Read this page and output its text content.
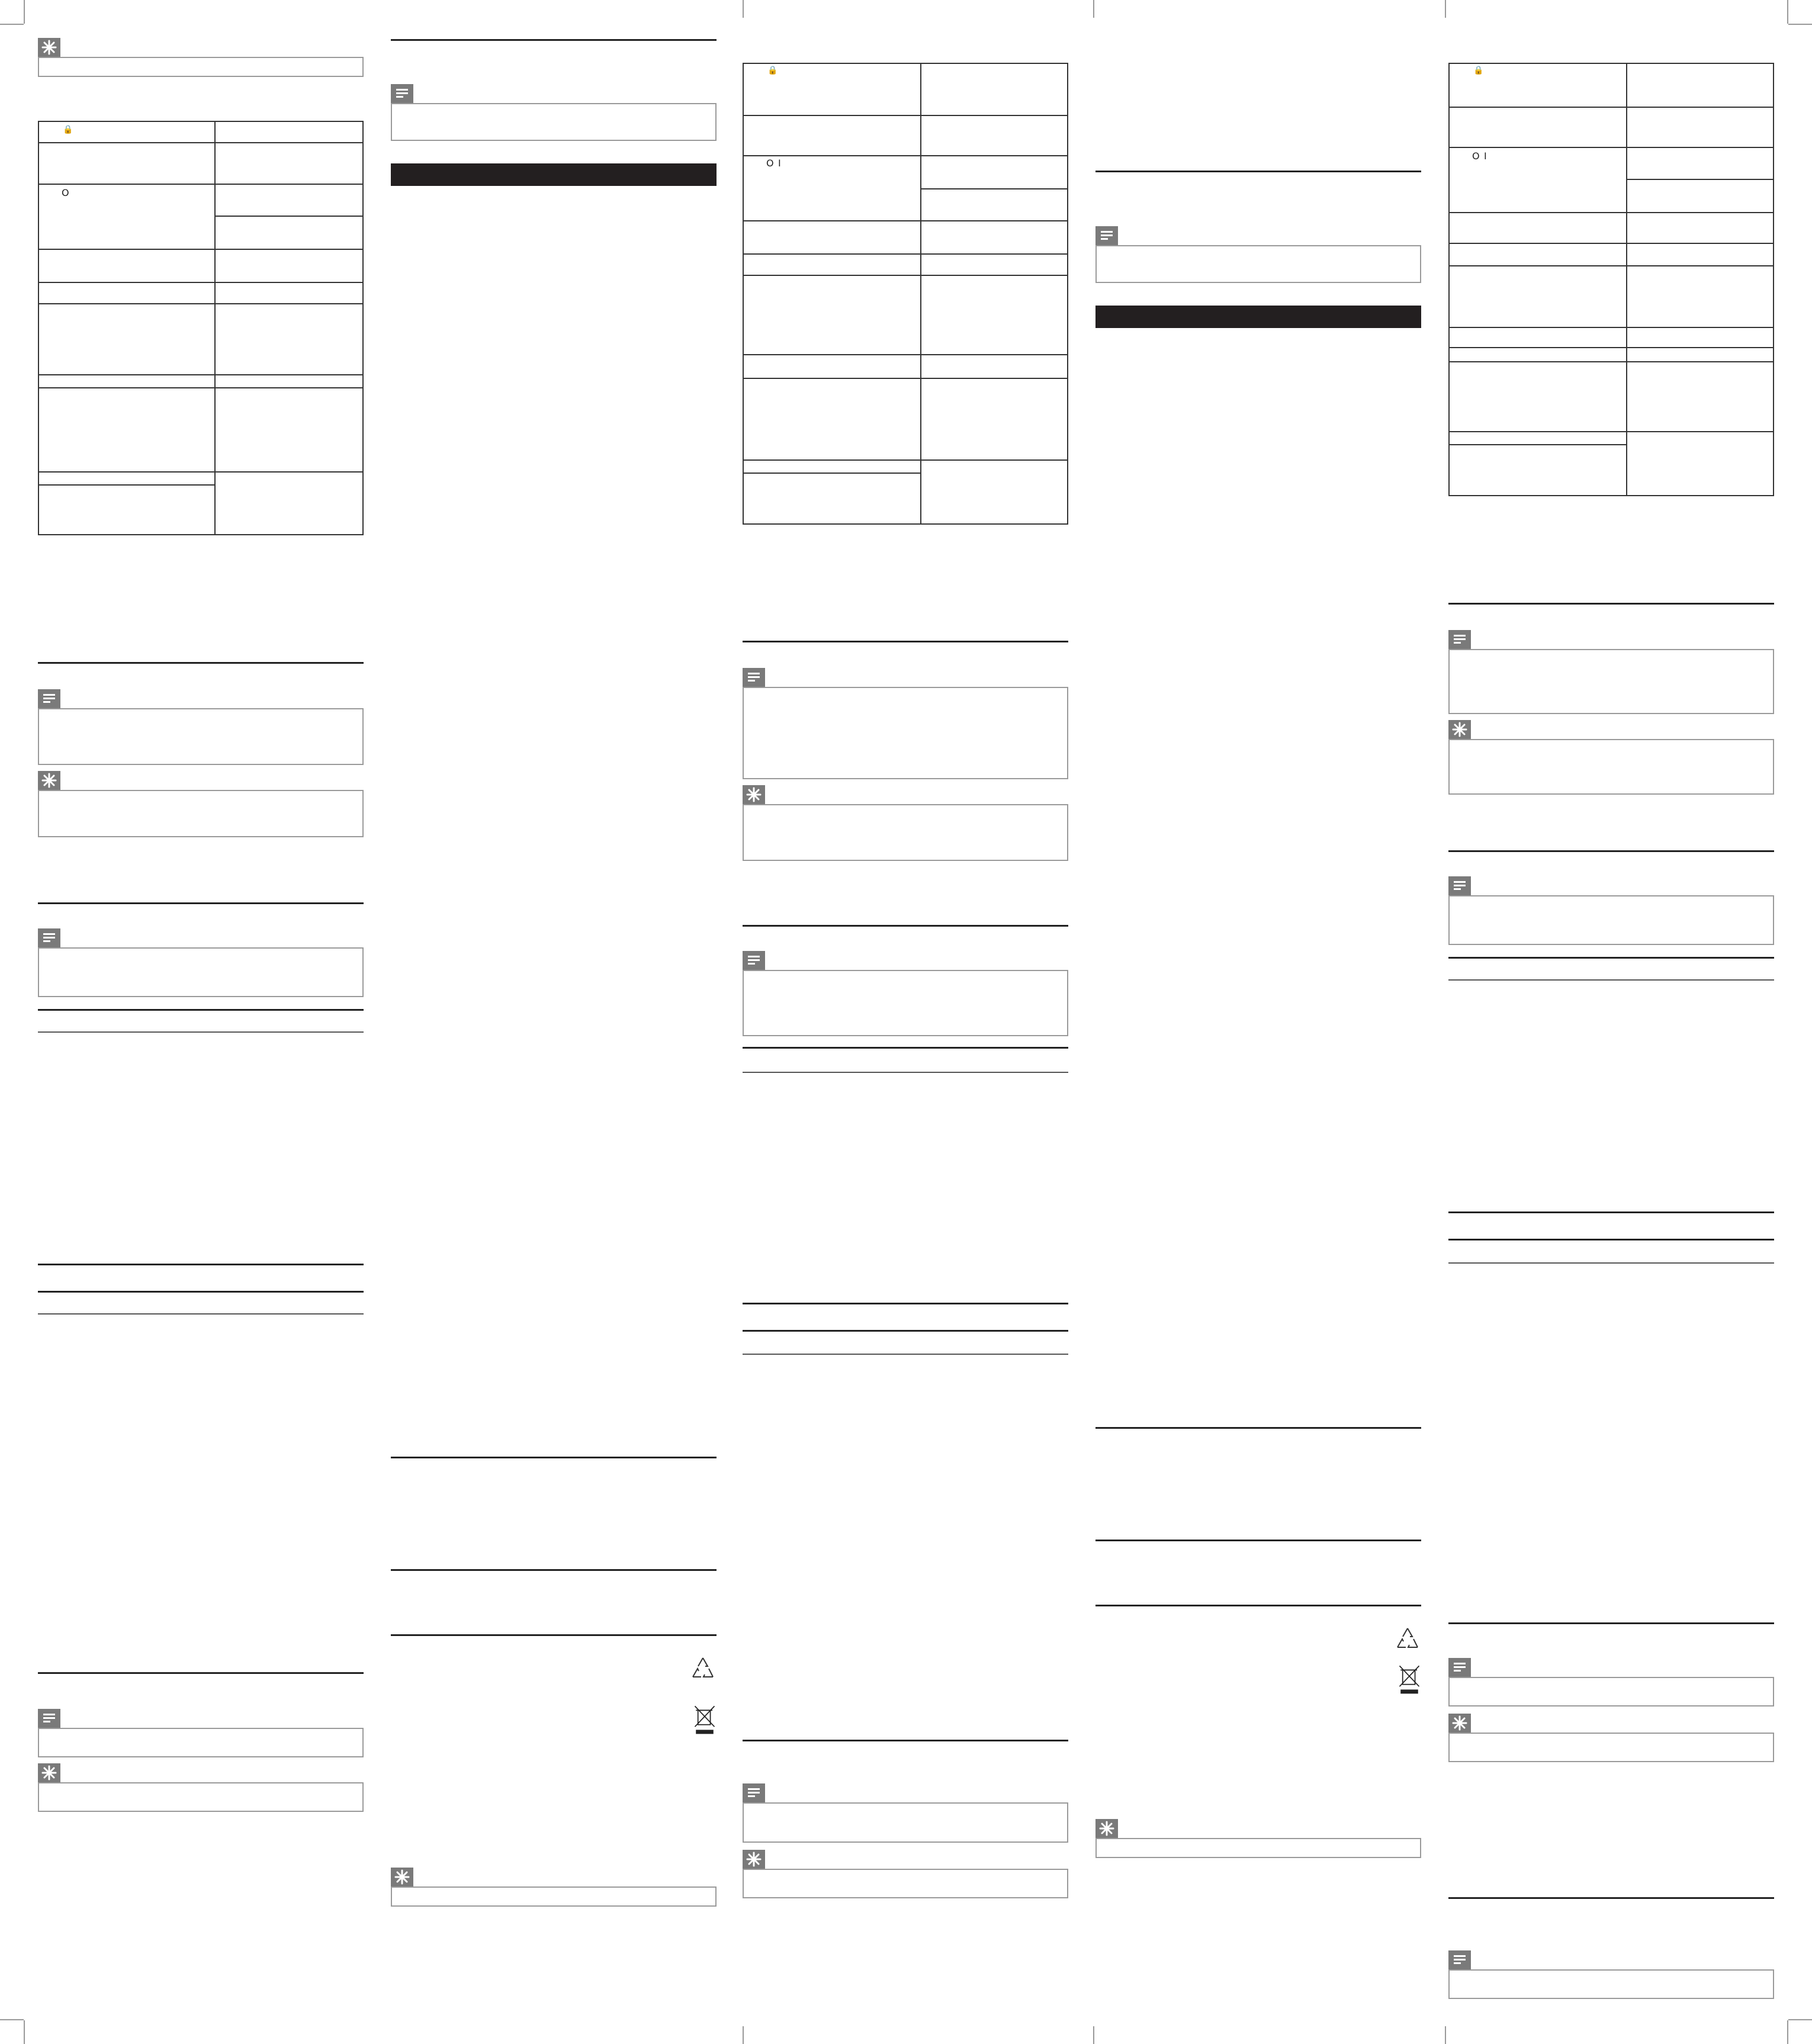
🔒
O
🔒
O I
🔒
O I
